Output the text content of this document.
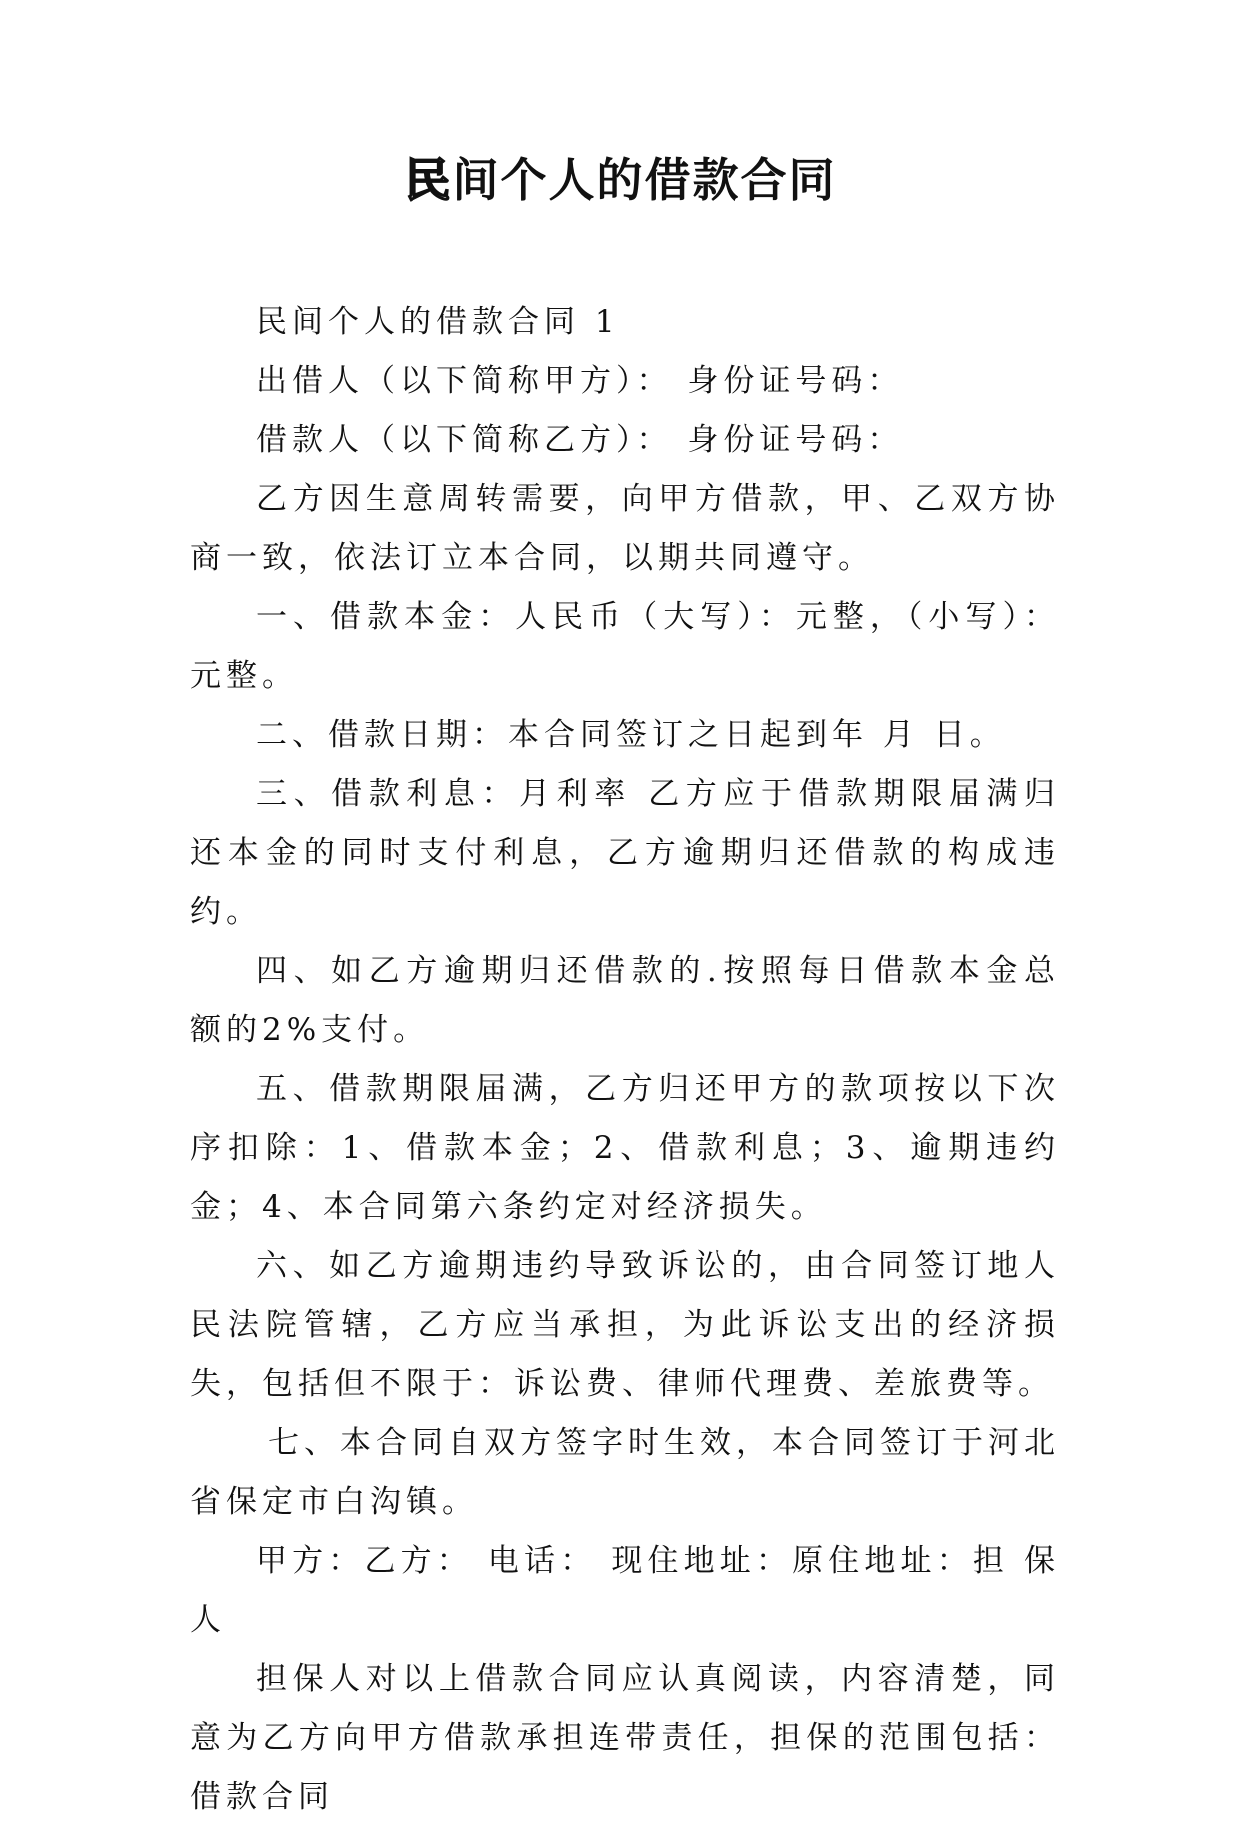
民间个人的借款合同

民间个人的借款合同 1

出借人（以下简称甲方）： 身份证号码：

借款人（以下简称乙方）： 身份证号码：

乙方因生意周转需要，向甲方借款，甲、乙双方协商一致，依法订立本合同，以期共同遵守。

一、借款本金：人民币（大写）：元整，（小写）： 元整。

二、借款日期：本合同签订之日起到年 月 日。

三、借款利息：月利率 乙方应于借款期限届满归还本金的同时支付利息，乙方逾期归还借款的构成违约。

四、如乙方逾期归还借款的.按照每日借款本金总额的2%支付。

五、借款期限届满，乙方归还甲方的款项按以下次序扣除：1、借款本金；2、借款利息；3、逾期违约金；4、本合同第六条约定对经济损失。

六、如乙方逾期违约导致诉讼的，由合同签订地人民法院管辖，乙方应当承担，为此诉讼支出的经济损失，包括但不限于：诉讼费、律师代理费、差旅费等。

七、本合同自双方签字时生效，本合同签订于河北省保定市白沟镇。

甲方：乙方： 电话： 现住地址：原住地址：担 保 人

担保人对以上借款合同应认真阅读，内容清楚，同意为乙方向甲方借款承担连带责任，担保的范围包括：借款合同
